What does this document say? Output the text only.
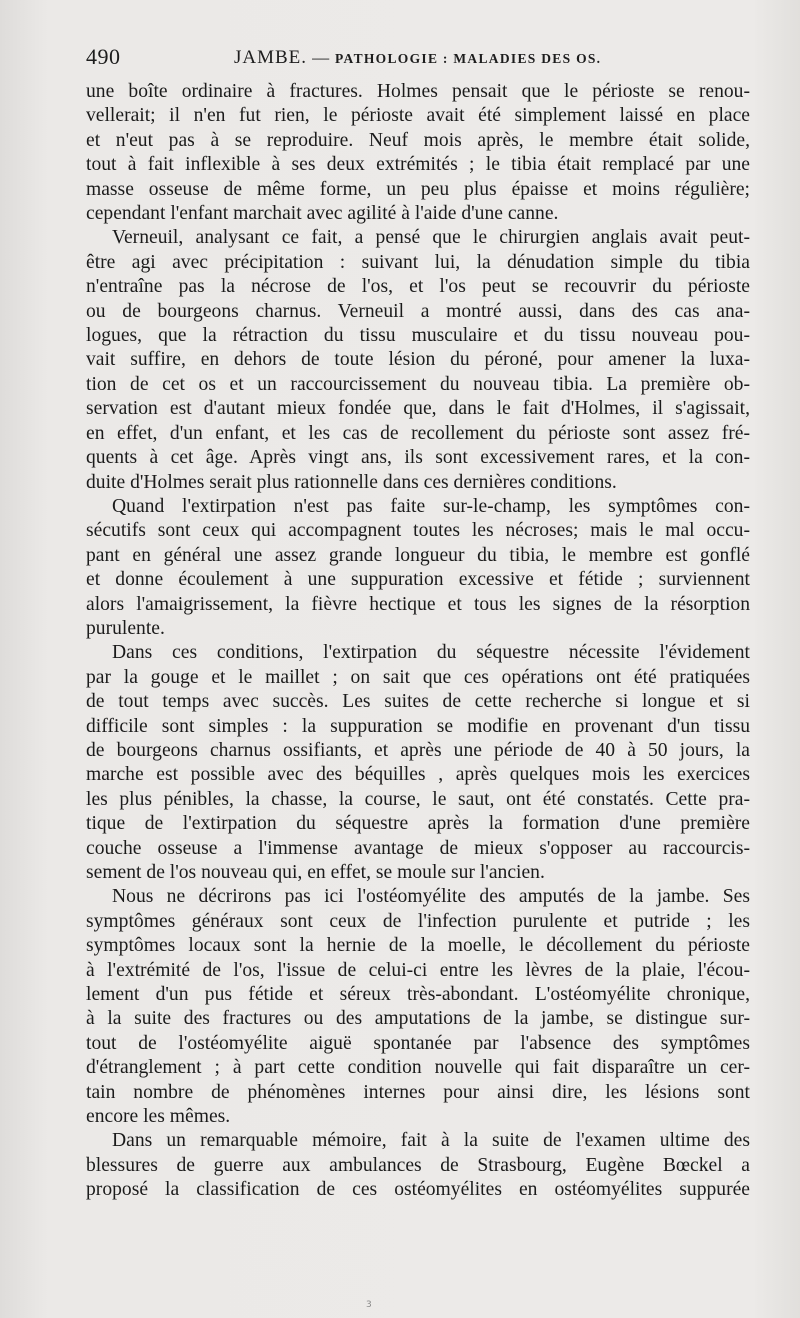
490	JAMBE. — PATHOLOGIE : MALADIES DES OS.
une boîte ordinaire à fractures. Holmes pensait que le périoste se renou-
vellerait; il n'en fut rien, le périoste avait été simplement laissé en place
et n'eut pas à se reproduire. Neuf mois après, le membre était solide,
tout à fait inflexible à ses deux extrémités ; le tibia était remplacé par une
masse osseuse de même forme, un peu plus épaisse et moins régulière;
cependant l'enfant marchait avec agilité à l'aide d'une canne.
Verneuil, analysant ce fait, a pensé que le chirurgien anglais avait peut-
être agi avec précipitation : suivant lui, la dénudation simple du tibia
n'entraîne pas la nécrose de l'os, et l'os peut se recouvrir du périoste
ou de bourgeons charnus. Verneuil a montré aussi, dans des cas ana-
logues, que la rétraction du tissu musculaire et du tissu nouveau pou-
vait suffire, en dehors de toute lésion du péroné, pour amener la luxa-
tion de cet os et un raccourcissement du nouveau tibia. La première ob-
servation est d'autant mieux fondée que, dans le fait d'Holmes, il s'agissait,
en effet, d'un enfant, et les cas de recollement du périoste sont assez fré-
quents à cet âge. Après vingt ans, ils sont excessivement rares, et la con-
duite d'Holmes serait plus rationnelle dans ces dernières conditions.
Quand l'extirpation n'est pas faite sur-le-champ, les symptômes con-
sécutifs sont ceux qui accompagnent toutes les nécroses; mais le mal occu-
pant en général une assez grande longueur du tibia, le membre est gonflé
et donne écoulement à une suppuration excessive et fétide ; surviennent
alors l'amaigrissement, la fièvre hectique et tous les signes de la résorption
purulente.
Dans ces conditions, l'extirpation du séquestre nécessite l'évidement
par la gouge et le maillet ; on sait que ces opérations ont été pratiquées
de tout temps avec succès. Les suites de cette recherche si longue et si
difficile sont simples : la suppuration se modifie en provenant d'un tissu
de bourgeons charnus ossifiants, et après une période de 40 à 50 jours, la
marche est possible avec des béquilles , après quelques mois les exercices
les plus pénibles, la chasse, la course, le saut, ont été constatés. Cette pra-
tique de l'extirpation du séquestre après la formation d'une première
couche osseuse a l'immense avantage de mieux s'opposer au raccourcis-
sement de l'os nouveau qui, en effet, se moule sur l'ancien.
Nous ne décrirons pas ici l'ostéomyélite des amputés de la jambe. Ses
symptômes généraux sont ceux de l'infection purulente et putride ; les
symptômes locaux sont la hernie de la moelle, le décollement du périoste
à l'extrémité de l'os, l'issue de celui-ci entre les lèvres de la plaie, l'écou-
lement d'un pus fétide et séreux très-abondant. L'ostéomyélite chronique,
à la suite des fractures ou des amputations de la jambe, se distingue sur-
tout de l'ostéomyélite aiguë spontanée par l'absence des symptômes
d'étranglement ; à part cette condition nouvelle qui fait disparaître un cer-
tain nombre de phénomènes internes pour ainsi dire, les lésions sont
encore les mêmes.
Dans un remarquable mémoire, fait à la suite de l'examen ultime des
blessures de guerre aux ambulances de Strasbourg, Eugène Bœckel a
proposé la classification de ces ostéomyélites en ostéomyélites suppurée
3
